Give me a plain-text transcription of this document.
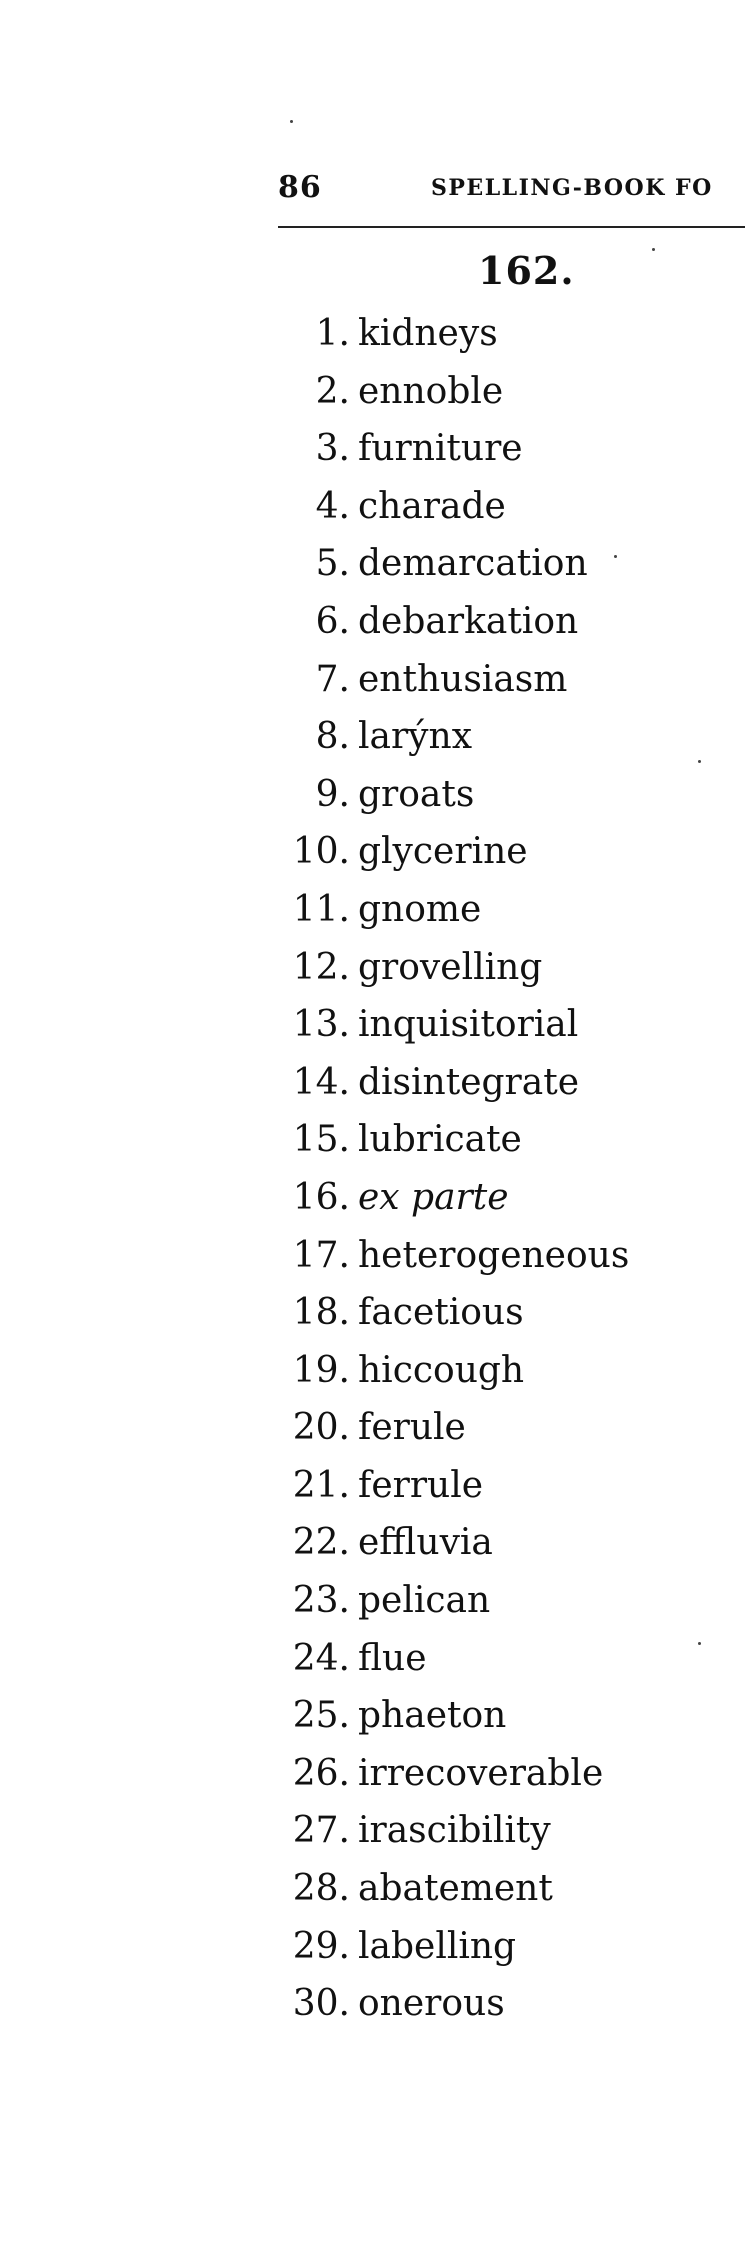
86	SPELLING-BOOK FO
162.
1. kidneys
2. ennoble
3. furniture
4. charade
5. demarcation
6. debarkation
7. enthusiasm
8. larýnx
9. groats
10. glycerine
11. gnome
12. grovelling
13. inquisitorial
14. disintegrate
15. lubricate
16. ex parte
17. heterogeneous
18. facetious
19. hiccough
20. ferule
21. ferrule
22. effluvia
23. pelican
24. flue
25. phaeton
26. irrecoverable
27. irascibility
28. abatement
29. labelling
30. onerous
